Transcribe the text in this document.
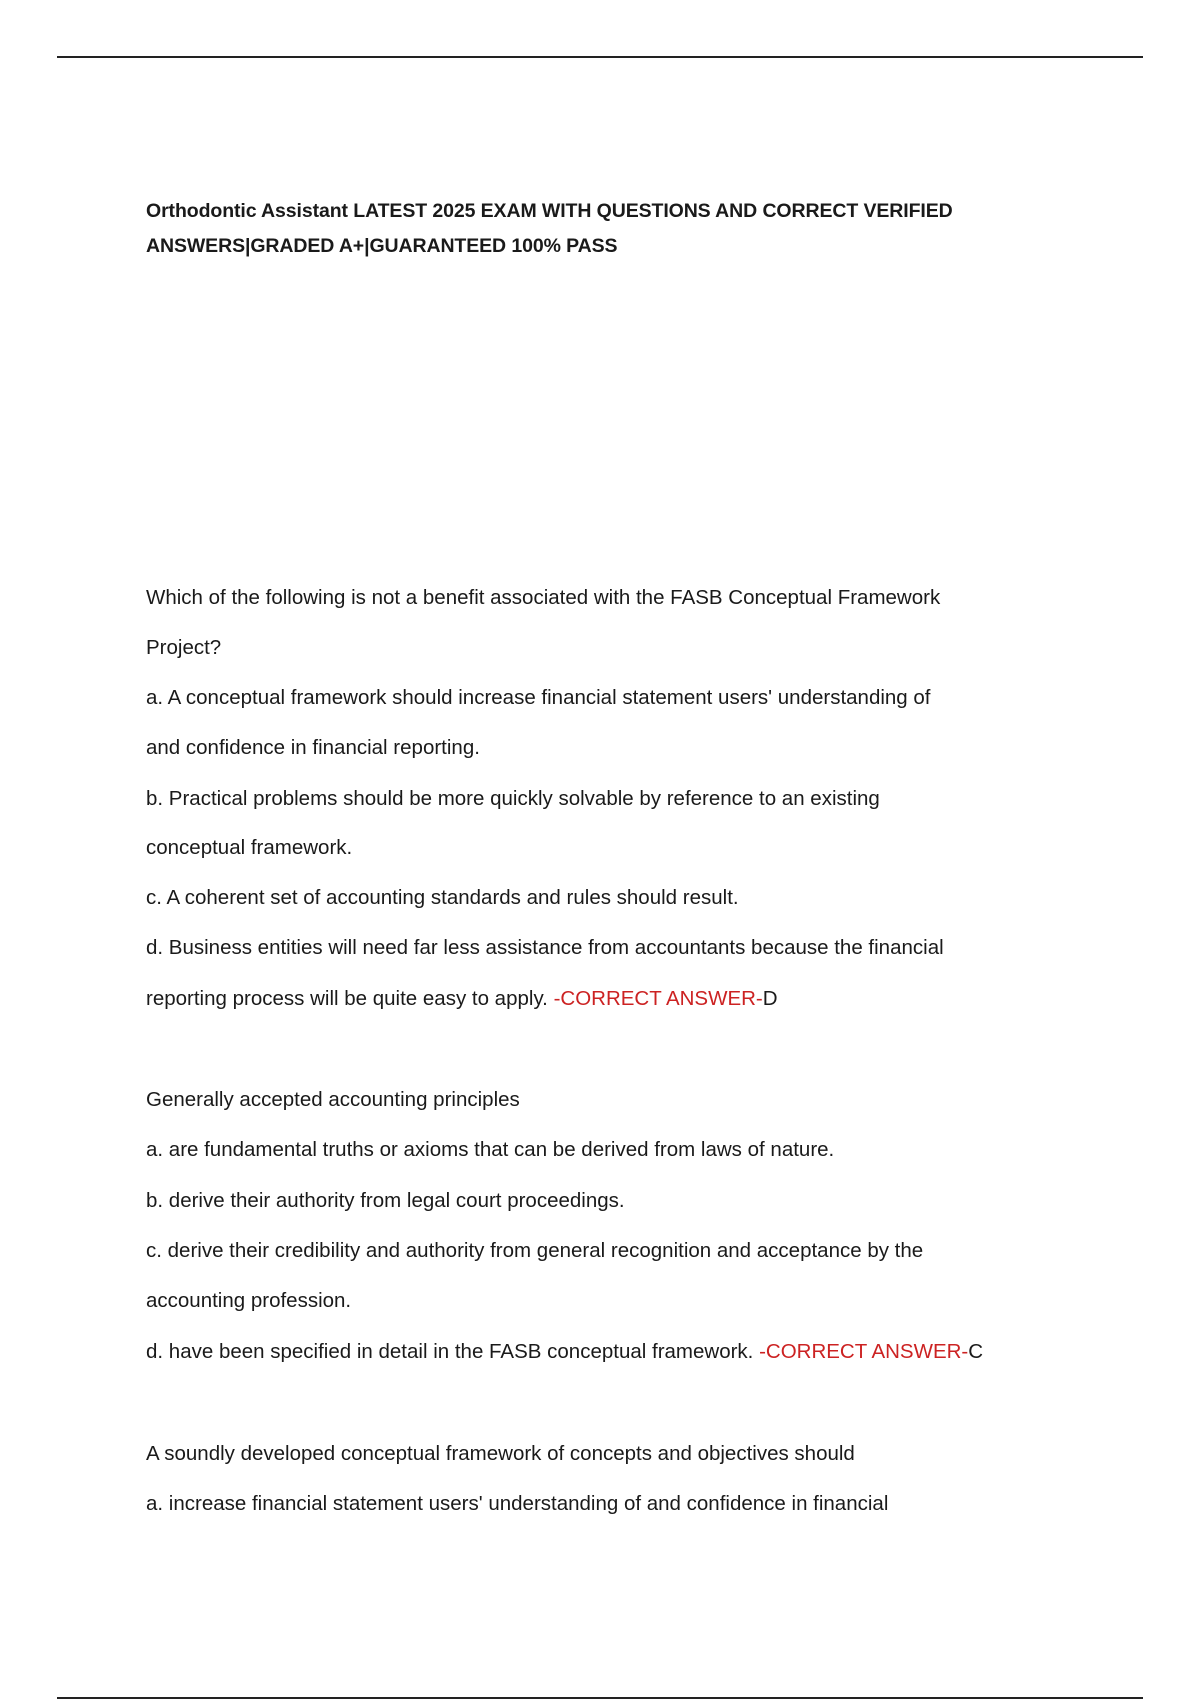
Orthodontic Assistant LATEST 2025 EXAM WITH QUESTIONS AND CORRECT VERIFIED
ANSWERS|GRADED A+|GUARANTEED 100% PASS

Which of the following is not a benefit associated with the FASB Conceptual Framework

Project?

a. A conceptual framework should increase financial statement users' understanding of

and confidence in financial reporting.

b. Practical problems should be more quickly solvable by reference to an existing

conceptual framework.

c. A coherent set of accounting standards and rules should result.

d. Business entities will need far less assistance from accountants because the financial

reporting process will be quite easy to apply. -CORRECT ANSWER-D

Generally accepted accounting principles

a. are fundamental truths or axioms that can be derived from laws of nature.

b. derive their authority from legal court proceedings.

c. derive their credibility and authority from general recognition and acceptance by the

accounting profession.

d. have been specified in detail in the FASB conceptual framework. -CORRECT ANSWER-C

A soundly developed conceptual framework of concepts and objectives should

a. increase financial statement users' understanding of and confidence in financial
